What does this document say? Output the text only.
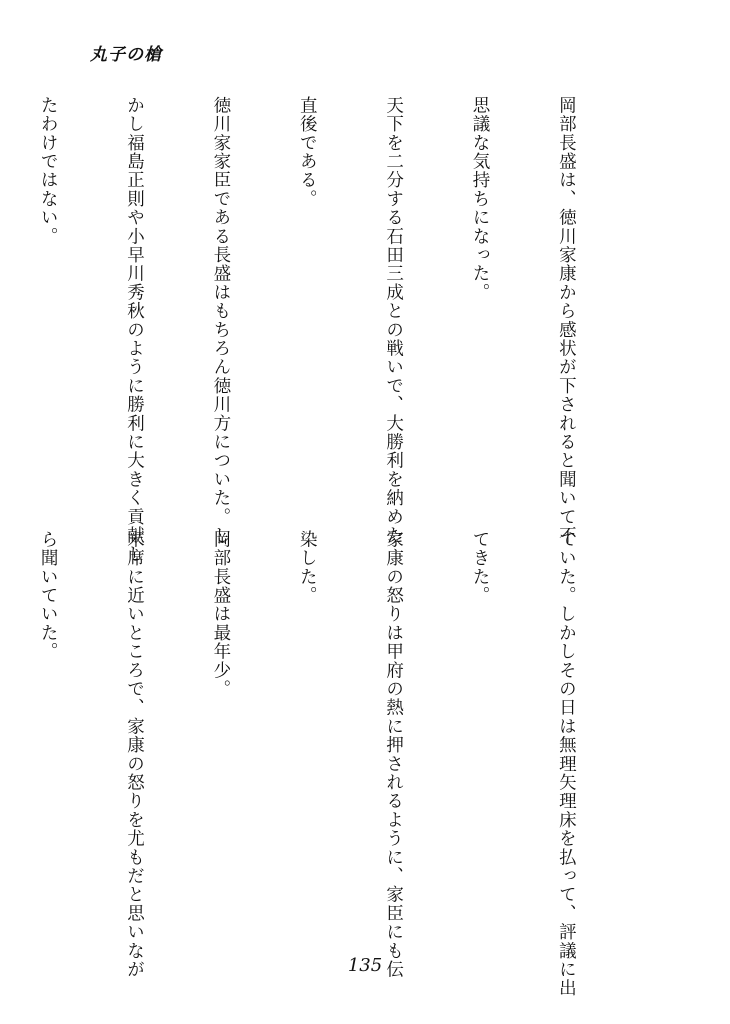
丸子の槍

岡部長盛は、徳川家康から感状が下されると聞いて不

思議な気持ちになった。

天下を二分する石田三成との戦いで、大勝利を納めた

直後である。

徳川家家臣である長盛はもちろん徳川方についた。し

かし福島正則や小早川秀秋のように勝利に大きく貢献し

たわけではない。

ていた。しかしその日は無理矢理床を払って、評議に出

てきた。

家康の怒りは甲府の熱に押されるように、家臣にも伝

染した。

岡部長盛は最年少。

末席に近いところで、家康の怒りを尤もだと思いなが

ら聞いていた。

135
